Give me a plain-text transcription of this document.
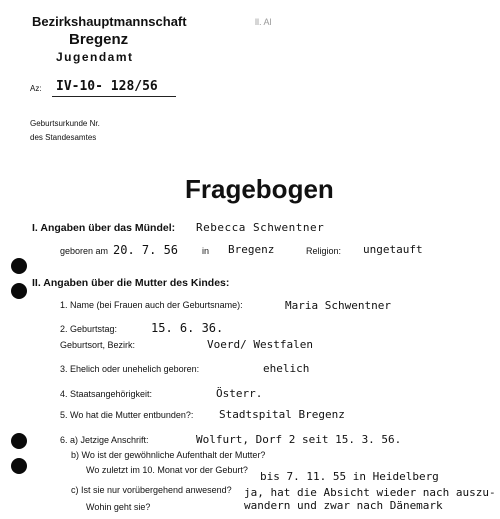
Bezirkshauptmannschaft
Bregenz
Jugendamt
Az: IV-10- 128/56
ll. Al
Geburtsurkunde Nr.
des Standesamtes
Fragebogen
I. Angaben über das Mündel: Rebecca Schwentner
geboren am 20. 7. 56	in Bregenz	Religion: ungetauft
II. Angaben über die Mutter des Kindes:
1. Name (bei Frauen auch der Geburtsname):	Maria Schwentner
2. Geburtstag:	15. 6. 36.
Geburtsort, Bezirk:	Voerd/ Westfalen
3. Ehelich oder unehelich geboren:	ehelich
4. Staatsangehörigkeit:	Österr.
5. Wo hat die Mutter entbunden?: Stadtspital Bregenz
6. a) Jetzige Anschrift:	Wolfurt, Dorf 2 seit 15. 3. 56.
b) Wo ist der gewöhnliche Aufenthalt der Mutter?
Wo zuletzt im 10. Monat vor der Geburt? bis 7. 11. 55 in Heidelberg
c) Ist sie nur vorübergehend anwesend? ja, hat die Absicht wieder nach auszu-
Wohin geht sie?	wandern und zwar nach Dänemark
